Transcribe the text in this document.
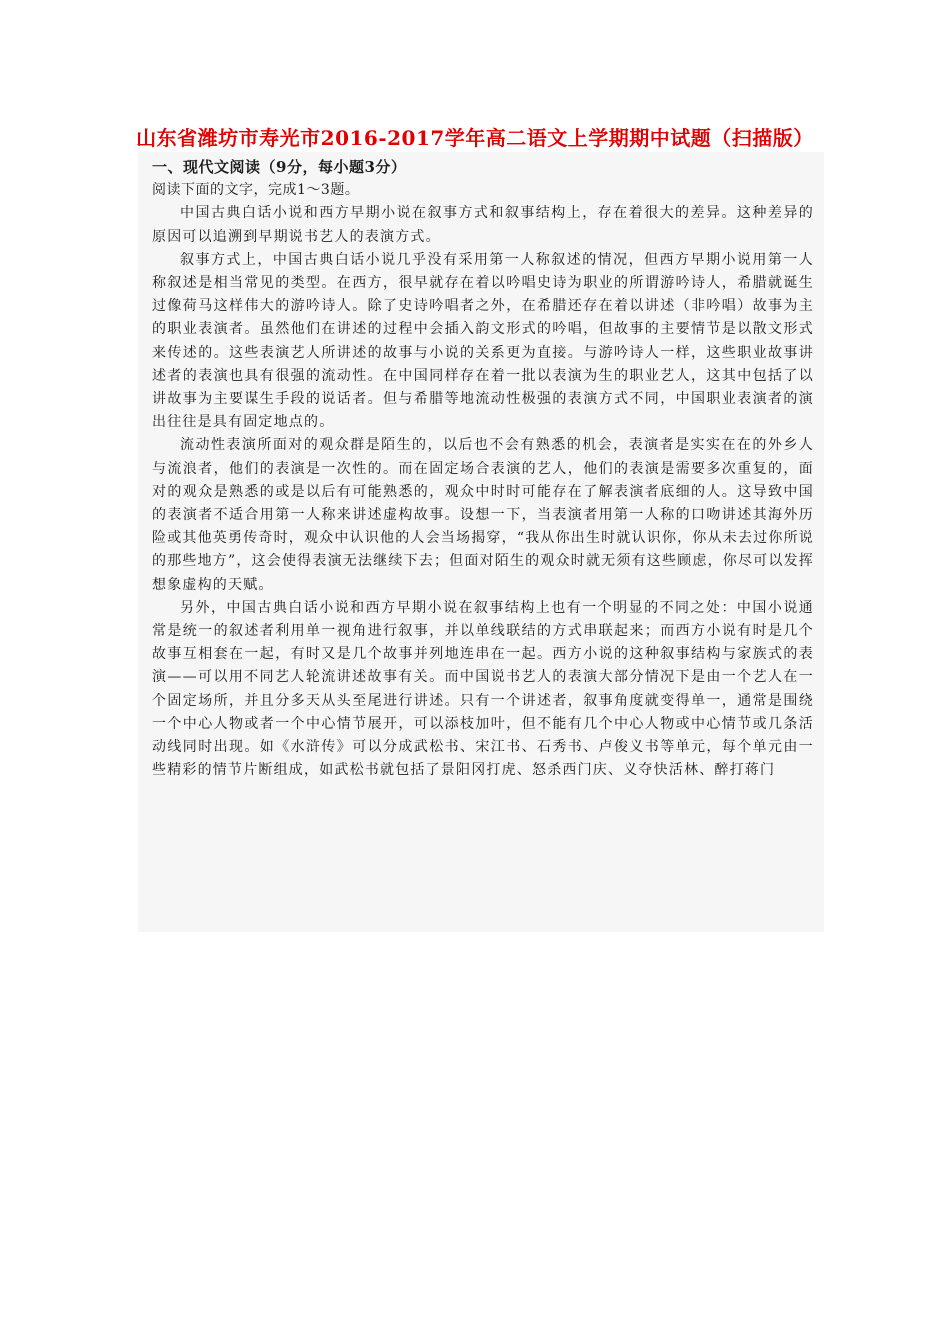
山东省潍坊市寿光市2016-2017学年高二语文上学期期中试题（扫描版）

一、现代文阅读（9分，每小题3分）

阅读下面的文字，完成1～3题。

中国古典白话小说和西方早期小说在叙事方式和叙事结构上，存在着很大的差异。这种差异的原因可以追溯到早期说书艺人的表演方式。

叙事方式上，中国古典白话小说几乎没有采用第一人称叙述的情况，但西方早期小说用第一人称叙述是相当常见的类型。在西方，很早就存在着以吟唱史诗为职业的所谓游吟诗人，希腊就诞生过像荷马这样伟大的游吟诗人。除了史诗吟唱者之外，在希腊还存在着以讲述（非吟唱）故事为主的职业表演者。虽然他们在讲述的过程中会插入韵文形式的吟唱，但故事的主要情节是以散文形式来传述的。这些表演艺人所讲述的故事与小说的关系更为直接。与游吟诗人一样，这些职业故事讲述者的表演也具有很强的流动性。在中国同样存在着一批以表演为生的职业艺人，这其中包括了以讲故事为主要谋生手段的说话者。但与希腊等地流动性极强的表演方式不同，中国职业表演者的演出往往是具有固定地点的。

流动性表演所面对的观众群是陌生的，以后也不会有熟悉的机会，表演者是实实在在的外乡人与流浪者，他们的表演是一次性的。而在固定场合表演的艺人，他们的表演是需要多次重复的，面对的观众是熟悉的或是以后有可能熟悉的，观众中时时可能存在了解表演者底细的人。这导致中国的表演者不适合用第一人称来讲述虚构故事。设想一下，当表演者用第一人称的口吻讲述其海外历险或其他英勇传奇时，观众中认识他的人会当场揭穿，“我从你出生时就认识你，你从未去过你所说的那些地方”，这会使得表演无法继续下去；但面对陌生的观众时就无须有这些顾虑，你尽可以发挥想象虚构的天赋。

另外，中国古典白话小说和西方早期小说在叙事结构上也有一个明显的不同之处：中国小说通常是统一的叙述者利用单一视角进行叙事，并以单线联结的方式串联起来；而西方小说有时是几个故事互相套在一起，有时又是几个故事并列地连串在一起。西方小说的这种叙事结构与家族式的表演——可以用不同艺人轮流讲述故事有关。而中国说书艺人的表演大部分情况下是由一个艺人在一个固定场所，并且分多天从头至尾进行讲述。只有一个讲述者，叙事角度就变得单一，通常是围绕一个中心人物或者一个中心情节展开，可以添枝加叶，但不能有几个中心人物或中心情节或几条活动线同时出现。如《水浒传》可以分成武松书、宋江书、石秀书、卢俊义书等单元，每个单元由一些精彩的情节片断组成，如武松书就包括了景阳冈打虎、怒杀西门庆、义夺快活林、醉打蒋门
